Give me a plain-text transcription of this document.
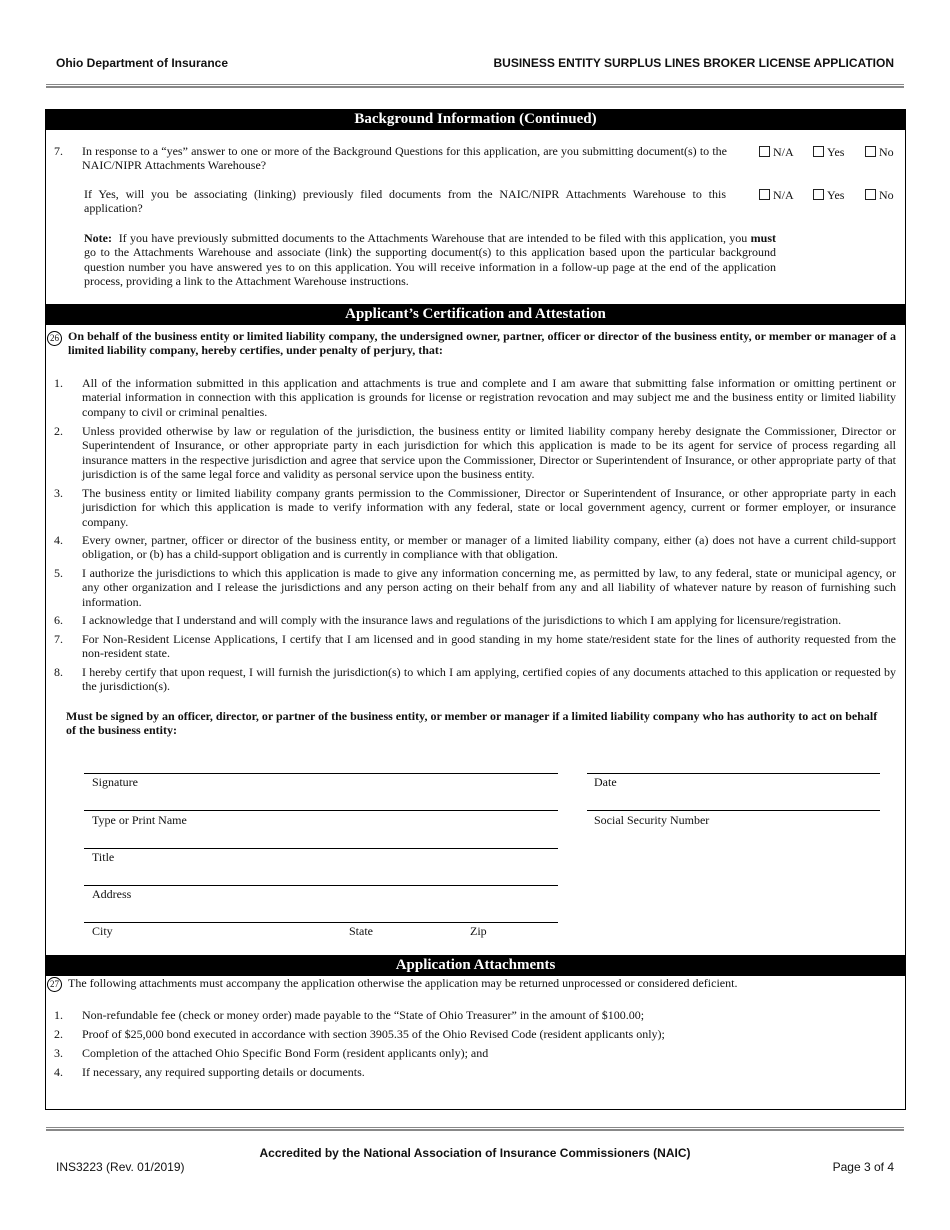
Ohio Department of Insurance	BUSINESS ENTITY SURPLUS LINES BROKER LICENSE APPLICATION
Background Information (Continued)
7. In response to a “yes” answer to one or more of the Background Questions for this application, are you submitting document(s) to the NAIC/NIPR Attachments Warehouse?
N/A	Yes	No
If Yes, will you be associating (linking) previously filed documents from the NAIC/NIPR Attachments Warehouse to this application?
N/A	Yes	No
Note: If you have previously submitted documents to the Attachments Warehouse that are intended to be filed with this application, you must go to the Attachments Warehouse and associate (link) the supporting document(s) to this application based upon the particular background question number you have answered yes to on this application. You will receive information in a follow-up page at the end of the application process, providing a link to the Attachment Warehouse instructions.
Applicant’s Certification and Attestation
26 On behalf of the business entity or limited liability company, the undersigned owner, partner, officer or director of the business entity, or member or manager of a limited liability company, hereby certifies, under penalty of perjury, that:
1. All of the information submitted in this application and attachments is true and complete and I am aware that submitting false information or omitting pertinent or material information in connection with this application is grounds for license or registration revocation and may subject me and the business entity or limited liability company to civil or criminal penalties.
2. Unless provided otherwise by law or regulation of the jurisdiction, the business entity or limited liability company hereby designate the Commissioner, Director or Superintendent of Insurance, or other appropriate party in each jurisdiction for which this application is made to be its agent for service of process regarding all insurance matters in the respective jurisdiction and agree that service upon the Commissioner, Director or Superintendent of Insurance, or other appropriate party of that jurisdiction is of the same legal force and validity as personal service upon the business entity.
3. The business entity or limited liability company grants permission to the Commissioner, Director or Superintendent of Insurance, or other appropriate party in each jurisdiction for which this application is made to verify information with any federal, state or local government agency, current or former employer, or insurance company.
4. Every owner, partner, officer or director of the business entity, or member or manager of a limited liability company, either (a) does not have a current child-support obligation, or (b) has a child-support obligation and is currently in compliance with that obligation.
5. I authorize the jurisdictions to which this application is made to give any information concerning me, as permitted by law, to any federal, state or municipal agency, or any other organization and I release the jurisdictions and any person acting on their behalf from any and all liability of whatever nature by reason of furnishing such information.
6. I acknowledge that I understand and will comply with the insurance laws and regulations of the jurisdictions to which I am applying for licensure/registration.
7. For Non-Resident License Applications, I certify that I am licensed and in good standing in my home state/resident state for the lines of authority requested from the non-resident state.
8. I hereby certify that upon request, I will furnish the jurisdiction(s) to which I am applying, certified copies of any documents attached to this application or requested by the jurisdiction(s).
Must be signed by an officer, director, or partner of the business entity, or member or manager if a limited liability company who has authority to act on behalf of the business entity:
Signature	Date
Type or Print Name	Social Security Number
Title
Address
City	State	Zip
Application Attachments
27 The following attachments must accompany the application otherwise the application may be returned unprocessed or considered deficient.
1. Non-refundable fee (check or money order) made payable to the “State of Ohio Treasurer” in the amount of $100.00;
2. Proof of $25,000 bond executed in accordance with section 3905.35 of the Ohio Revised Code (resident applicants only);
3. Completion of the attached Ohio Specific Bond Form (resident applicants only); and
4. If necessary, any required supporting details or documents.
Accredited by the National Association of Insurance Commissioners (NAIC)
INS3223 (Rev. 01/2019)	Page 3 of 4
